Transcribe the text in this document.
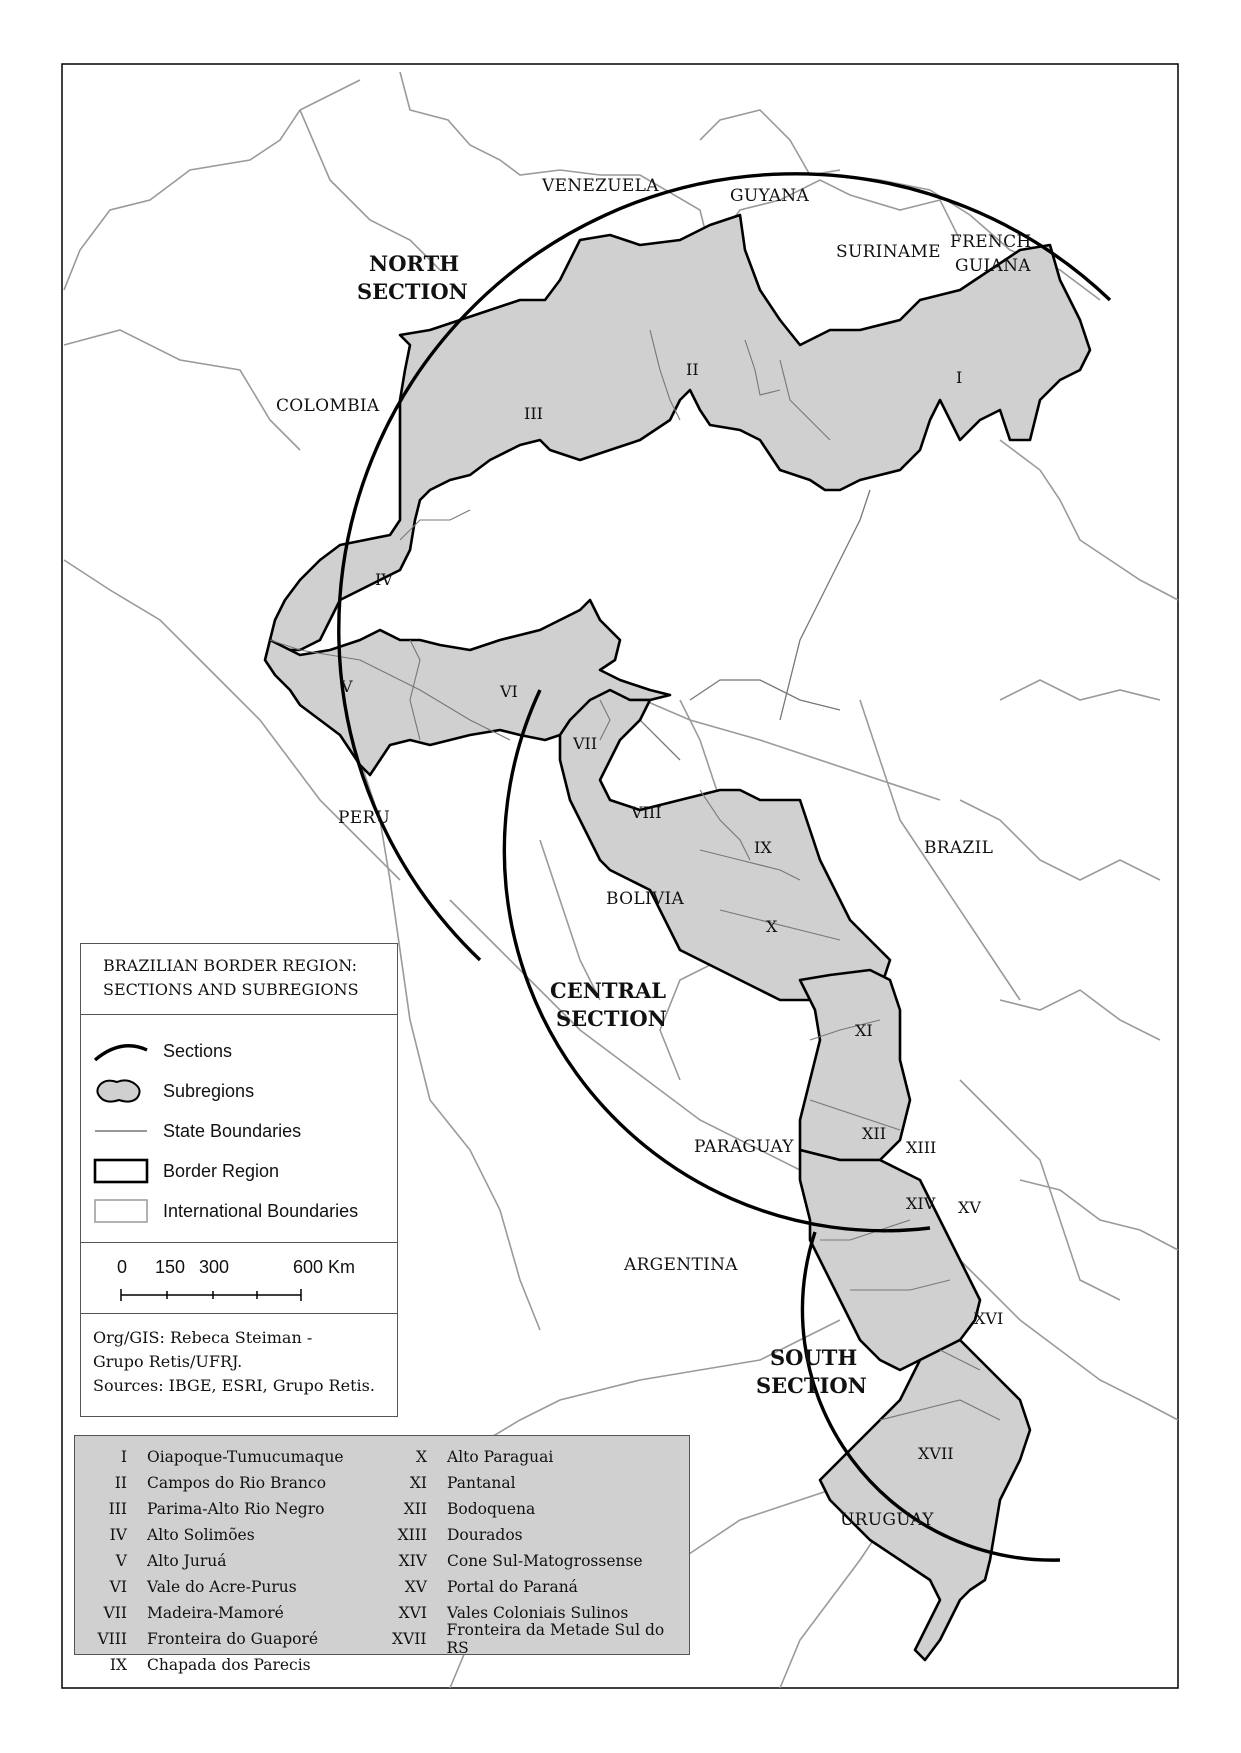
VENEZUELA	GUYANA
SURINAME FRENCH
GUIANA
COLOMBIA
PERU
BOLIVIA
BRAZIL
PARAGUAY
ARGENTINA
URUGUAY
NORTH
SECTION
CENTRAL
SECTION
SOUTH
SECTION
I
II
III
IV
V	VI
VII
VIII
IX
X
XI
XII
XIII
XIV XV
XVI
XVII
BRAZILIAN BORDER REGION:
SECTIONS AND SUBREGIONS
Sections
Subregions
State Boundaries
Border Region
International Boundaries
0 150 300	600 Km
Org/GIS: Rebeca Steiman -
Grupo Retis/UFRJ.
Sources: IBGE, ESRI, Grupo Retis.
I Oiapoque-Tumucumaque
II Campos do Rio Branco
III Parima-Alto Rio Negro
IV Alto Solimões
V Alto Juruá
VI Vale do Acre-Purus
VII Madeira-Mamoré
VIII Fronteira do Guaporé
IX Chapada dos Parecis
X Alto Paraguai
XI Pantanal
XII Bodoquena
XIII Dourados
XIV Cone Sul-Matogrossense
XV Portal do Paraná
XVI Vales Coloniais Sulinos
XVII Fronteira da Metade Sul do RS
